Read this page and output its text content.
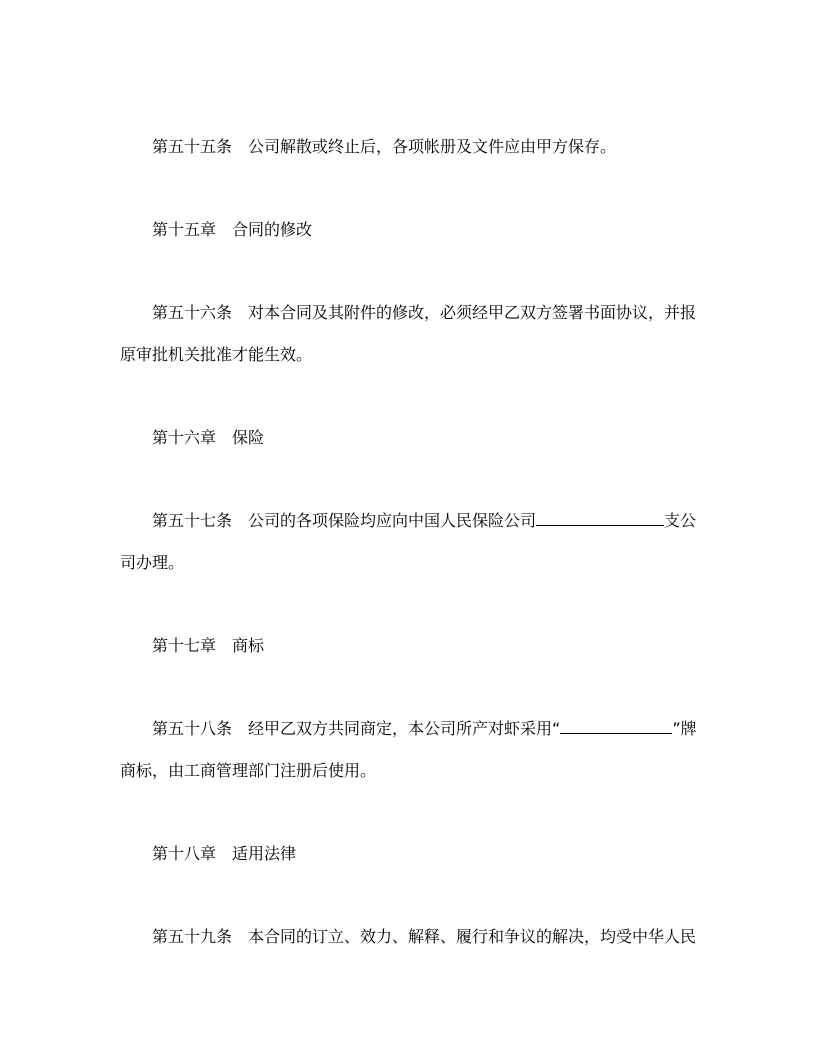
第五十五条 公司解散或终止后，各项帐册及文件应由甲方保存。
第十五章 合同的修改
第五十六条 对本合同及其附件的修改，必须经甲乙双方签署书面协议，并报
原审批机关批准才能生效。
第十六章 保险
第五十七条 公司的各项保险均应向中国人民保险公司	支公
司办理。
第十七章 商标
第五十八条 经甲乙双方共同商定，本公司所产对虾采用“	”牌
商标，由工商管理部门注册后使用。
第十八章 适用法律
第五十九条 本合同的订立、效力、解释、履行和争议的解决，均受中华人民
